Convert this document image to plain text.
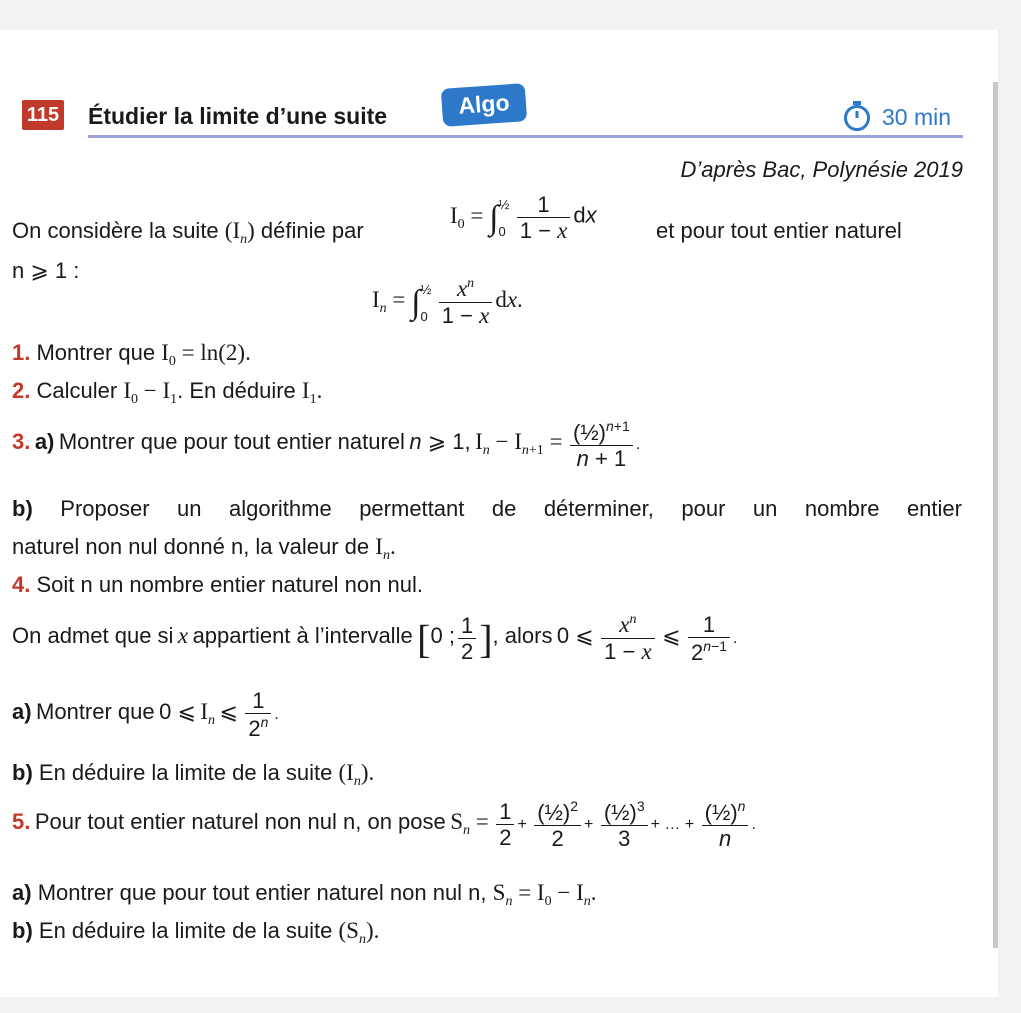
115 Étudier la limite d’une suite	Algo	30 min
D’après Bac, Polynésie 2019
On considère la suite $(I_n)$ définie par
$I_0$ = ∫ ½
0
$\frac{1}{1 - x}$ dx
et pour tout entier naturel
n ⩾ 1 :
$I_n$ = ∫ ½
0
$\frac{x^n}{1 - x}$ dx.
1. Montrer que $I_0 = \ln(2)$.
2. Calculer $I_0 - I_1$. En déduire $I_1$.
3. a) Montrer que pour tout entier naturel n ⩾ 1, $I_n - I_{n+1} = \frac{(\frac{1}{2})^{n+1}}{n + 1}$ .
b) Proposer un algorithme permettant de déterminer, pour un nombre entier
naturel non nul donné n, la valeur de $I_n$.
4. Soit n un nombre entier naturel non nul.
On admet que si x appartient à l’intervalle [0 ; $\frac{1}{2}$ ], alors 0 ⩽ $\frac{x^n}{1 - x}$ ⩽ $\frac{1}{2^{n-1}}$ .
a) Montrer que 0 ⩽ $I_n$ ⩽ $\frac{1}{2^n}$ .
b) En déduire la limite de la suite $(I_n)$.
5. Pour tout entier naturel non nul n, on pose $S_n = \frac{1}{2} + \frac{(\frac{1}{2})^2}{2} + \frac{(\frac{1}{2})^3}{3}$ + … + $\frac{(\frac{1}{2})^n}{n}$ .
a) Montrer que pour tout entier naturel non nul n, $S_n = I_0 - I_n$.
b) En déduire la limite de la suite $(S_n)$.
